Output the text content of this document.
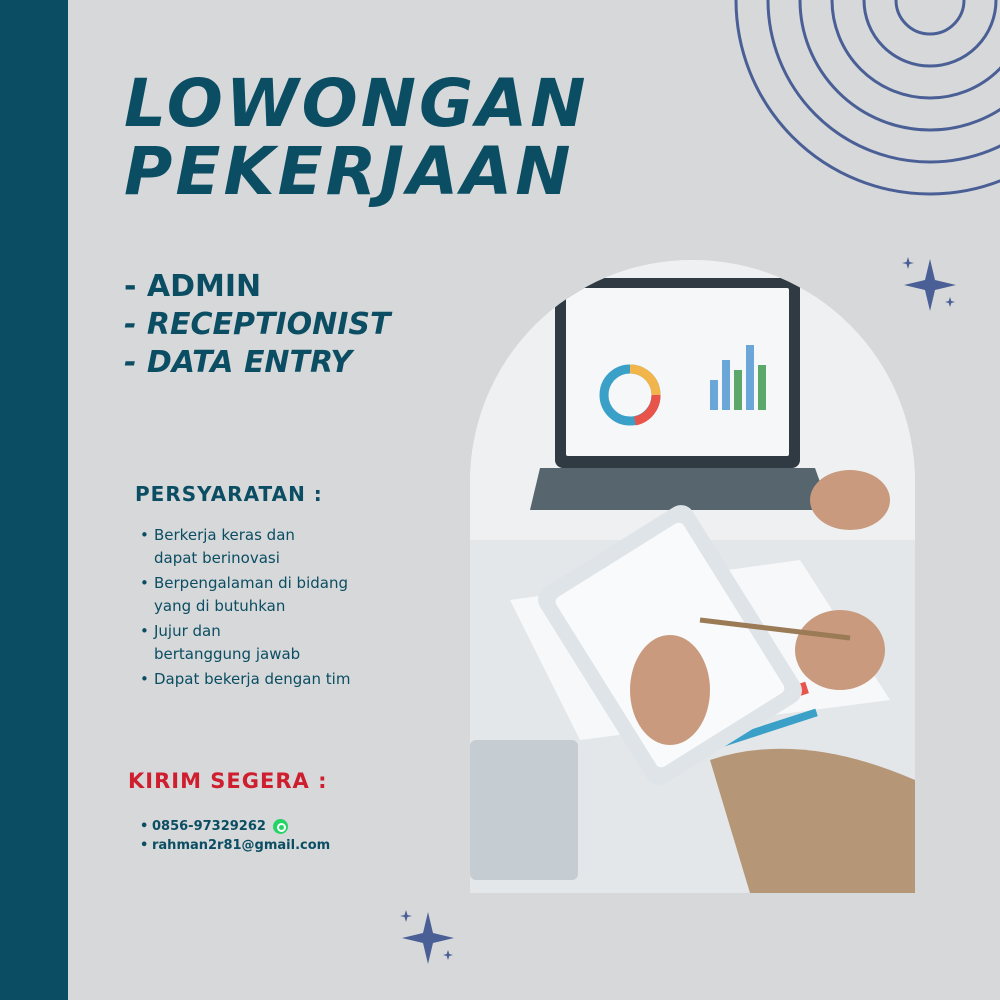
LOWONGAN
PEKERJAAN
- ADMIN
- RECEPTIONIST
- DATA ENTRY
PERSYARATAN :
• Berkerja keras dan
dapat berinovasi
• Berpengalaman di bidang
yang di butuhkan
• Jujur dan
bertanggung jawab
• Dapat bekerja dengan tim
KIRIM SEGERA :
• 0856-97329262
• rahman2r81@gmail.com
